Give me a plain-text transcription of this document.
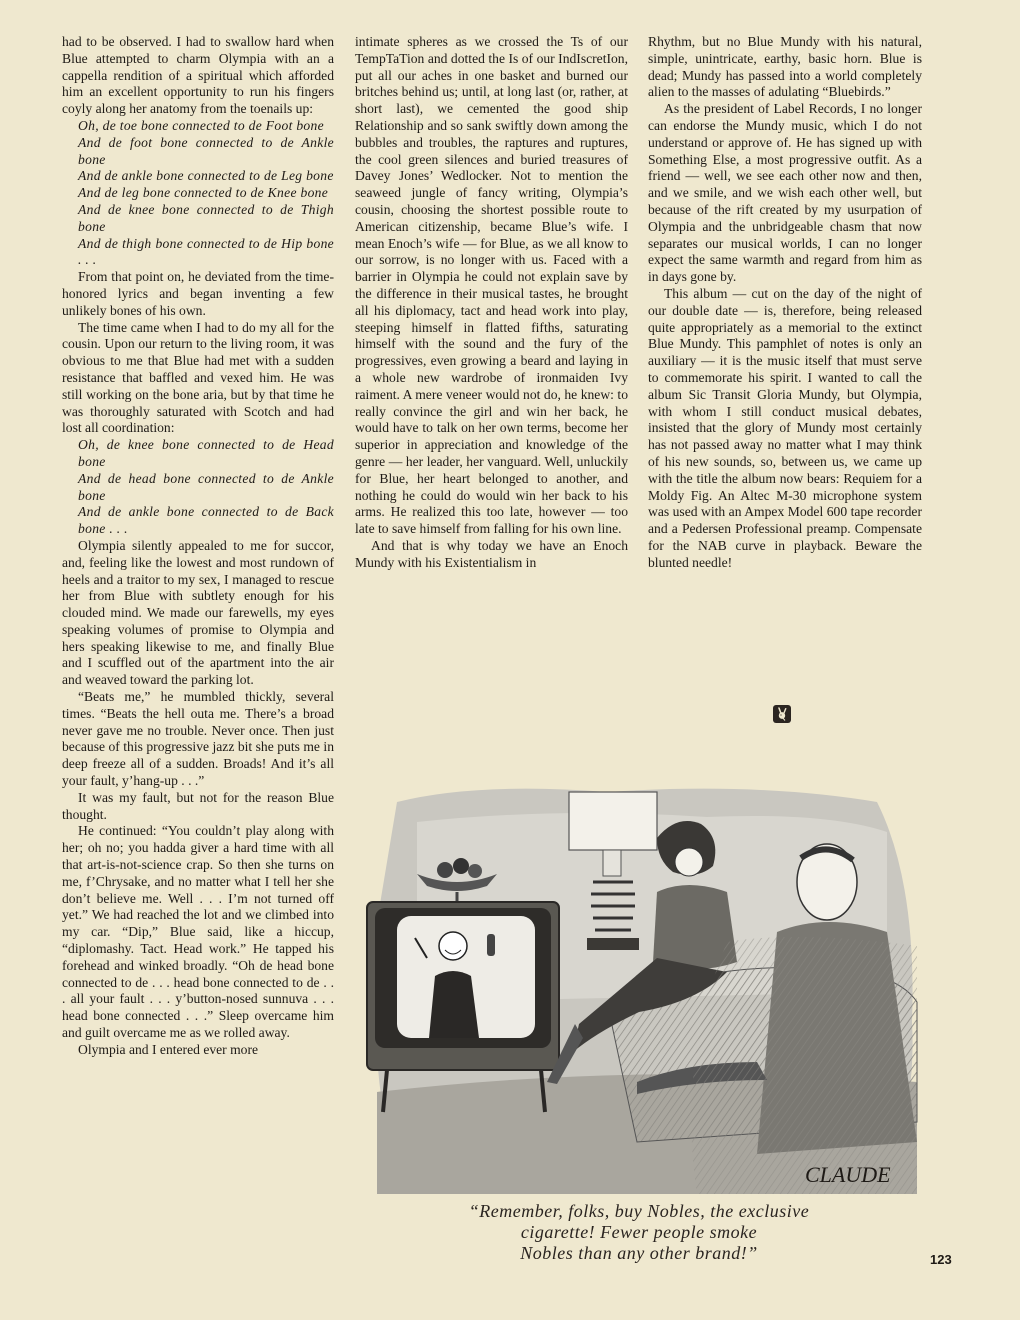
had to be observed. I had to swallow hard when Blue attempted to charm Olympia with an a cappella rendition of a spiritual which afforded him an excellent opportunity to run his fingers coyly along her anatomy from the toenails up:

Oh, de toe bone connected to de Foot bone

And de foot bone connected to de Ankle bone

And de ankle bone connected to de Leg bone

And de leg bone connected to de Knee bone

And de knee bone connected to de Thigh bone

And de thigh bone connected to de Hip bone . . .

From that point on, he deviated from the time-honored lyrics and began inventing a few unlikely bones of his own.

The time came when I had to do my all for the cousin. Upon our return to the living room, it was obvious to me that Blue had met with a sudden resistance that baffled and vexed him. He was still working on the bone aria, but by that time he was thoroughly saturated with Scotch and had lost all coordination:

Oh, de knee bone connected to de Head bone

And de head bone connected to de Ankle bone

And de ankle bone connected to de Back bone . . .

Olympia silently appealed to me for succor, and, feeling like the lowest and most rundown of heels and a traitor to my sex, I managed to rescue her from Blue with subtlety enough for his clouded mind. We made our farewells, my eyes speaking volumes of promise to Olympia and hers speaking likewise to me, and finally Blue and I scuffled out of the apartment into the air and weaved toward the parking lot.

“Beats me,” he mumbled thickly, several times. “Beats the hell outa me. There’s a broad never gave me no trouble. Never once. Then just because of this progressive jazz bit she puts me in deep freeze all of a sudden. Broads! And it’s all your fault, y’hang-up . . .”

It was my fault, but not for the reason Blue thought.

He continued: “You couldn’t play along with her; oh no; you hadda giver a hard time with all that art-is-not-science crap. So then she turns on me, f’Chrysake, and no matter what I tell her she don’t believe me. Well . . . I’m not turned off yet.” We had reached the lot and we climbed into my car. “Dip,” Blue said, like a hiccup, “diplomashy. Tact. Head work.” He tapped his forehead and winked broadly. “Oh de head bone connected to de . . . head bone connected to de . . . all your fault . . . y’button-nosed sunnuva . . . head bone connected . . .” Sleep overcame him and guilt overcame me as we rolled away.

Olympia and I entered ever more

intimate spheres as we crossed the Ts of our TempTaTion and dotted the Is of our IndIscretIon, put all our aches in one basket and burned our britches behind us; until, at long last (or, rather, at short last), we cemented the good ship Relationship and so sank swiftly down among the bubbles and troubles, the raptures and ruptures, the cool green silences and buried treasures of Davey Jones’ Wedlocker. Not to mention the seaweed jungle of fancy writing, Olympia’s cousin, choosing the shortest possible route to American citizenship, became Blue’s wife. I mean Enoch’s wife — for Blue, as we all know to our sorrow, is no longer with us. Faced with a barrier in Olympia he could not explain save by the difference in their musical tastes, he brought all his diplomacy, tact and head work into play, steeping himself in flatted fifths, saturating himself with the sound and the fury of the progressives, even growing a beard and laying in a whole new wardrobe of ironmaiden Ivy raiment. A mere veneer would not do, he knew: to really convince the girl and win her back, he would have to talk on her own terms, become her superior in appreciation and knowledge of the genre — her leader, her vanguard. Well, unluckily for Blue, her heart belonged to another, and nothing he could do would win her back to his arms. He realized this too late, however — too late to save himself from falling for his own line.

And that is why today we have an Enoch Mundy with his Existentialism in

Rhythm, but no Blue Mundy with his natural, simple, unintricate, earthy, basic horn. Blue is dead; Mundy has passed into a world completely alien to the masses of adulating “Bluebirds.”

As the president of Label Records, I no longer can endorse the Mundy music, which I do not understand or approve of. He has signed up with Something Else, a most progressive outfit. As a friend — well, we see each other now and then, and we smile, and we wish each other well, but because of the rift created by my usurpation of Olympia and the unbridgeable chasm that now separates our musical worlds, I can no longer expect the same warmth and regard from him as in days gone by.

This album — cut on the day of the night of our double date — is, therefore, being released quite appropriately as a memorial to the extinct Blue Mundy. This pamphlet of notes is only an auxiliary — it is the music itself that must serve to commemorate his spirit. I wanted to call the album Sic Transit Gloria Mundy, but Olympia, with whom I still conduct musical debates, insisted that the glory of Mundy most certainly has not passed away no matter what I may think of his new sounds, so, between us, we came up with the title the album now bears: Requiem for a Moldy Fig. An Altec M-30 microphone system was used with an Ampex Model 600 tape recorder and a Pedersen Professional preamp. Compensate for the NAB curve in playback. Beware the blunted needle!

CLAUDE
“Remember, folks, buy Nobles, the exclusive
cigarette! Fewer people smoke
Nobles than any other brand!”	123
